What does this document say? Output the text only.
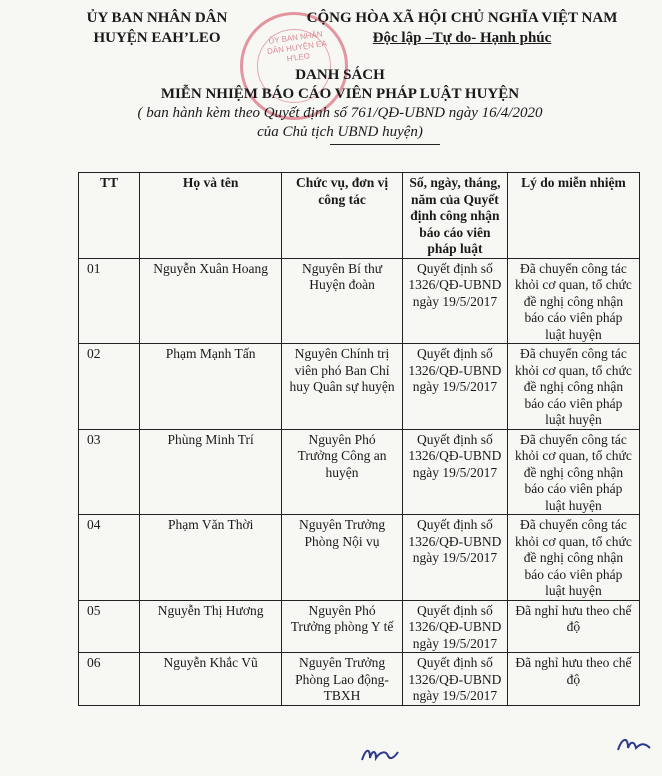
ỦY BAN NHÂN DÂN HUYỆN EA H'LEO
ỦY BAN NHÂN DÂN
HUYỆN EAH’LEO
CỘNG HÒA XÃ HỘI CHỦ NGHĨA VIỆT NAM
Độc lập –Tự do- Hạnh phúc
DANH SÁCH
MIỄN NHIỆM BÁO CÁO VIÊN PHÁP LUẬT HUYỆN
( ban hành kèm theo Quyết định số 761/QĐ-UBND ngày 16/4/2020
của Chủ tịch UBND huyện)
TT	Họ và tên	Chức vụ, đơn vị công tác	Số, ngày, tháng, năm của Quyết định công nhận báo cáo viên pháp luật	Lý do miễn nhiệm
01	Nguyễn Xuân Hoang	Nguyên Bí thư Huyện đoàn	Quyết định số 1326/QĐ-UBND ngày 19/5/2017	Đã chuyển công tác khỏi cơ quan, tổ chức đề nghị công nhận báo cáo viên pháp luật huyện
02	Phạm Mạnh Tấn	Nguyên Chính trị viên phó Ban Chỉ huy Quân sự huyện	Quyết định số 1326/QĐ-UBND ngày 19/5/2017	Đã chuyển công tác khỏi cơ quan, tổ chức đề nghị công nhận báo cáo viên pháp luật huyện
03	Phùng Minh Trí	Nguyên Phó Trưởng Công an huyện	Quyết định số 1326/QĐ-UBND ngày 19/5/2017	Đã chuyển công tác khỏi cơ quan, tổ chức đề nghị công nhận báo cáo viên pháp luật huyện
04	Phạm Văn Thời	Nguyên Trưởng Phòng Nội vụ	Quyết định số 1326/QĐ-UBND ngày 19/5/2017	Đã chuyển công tác khỏi cơ quan, tổ chức đề nghị công nhận báo cáo viên pháp luật huyện
05	Nguyễn Thị Hương	Nguyên Phó Trưởng phòng Y tế	Quyết định số 1326/QĐ-UBND ngày 19/5/2017	Đã nghỉ hưu theo chế độ
06	Nguyễn Khắc Vũ	Nguyên Trưởng Phòng Lao động-TBXH	Quyết định số 1326/QĐ-UBND ngày 19/5/2017	Đã nghỉ hưu theo chế độ
